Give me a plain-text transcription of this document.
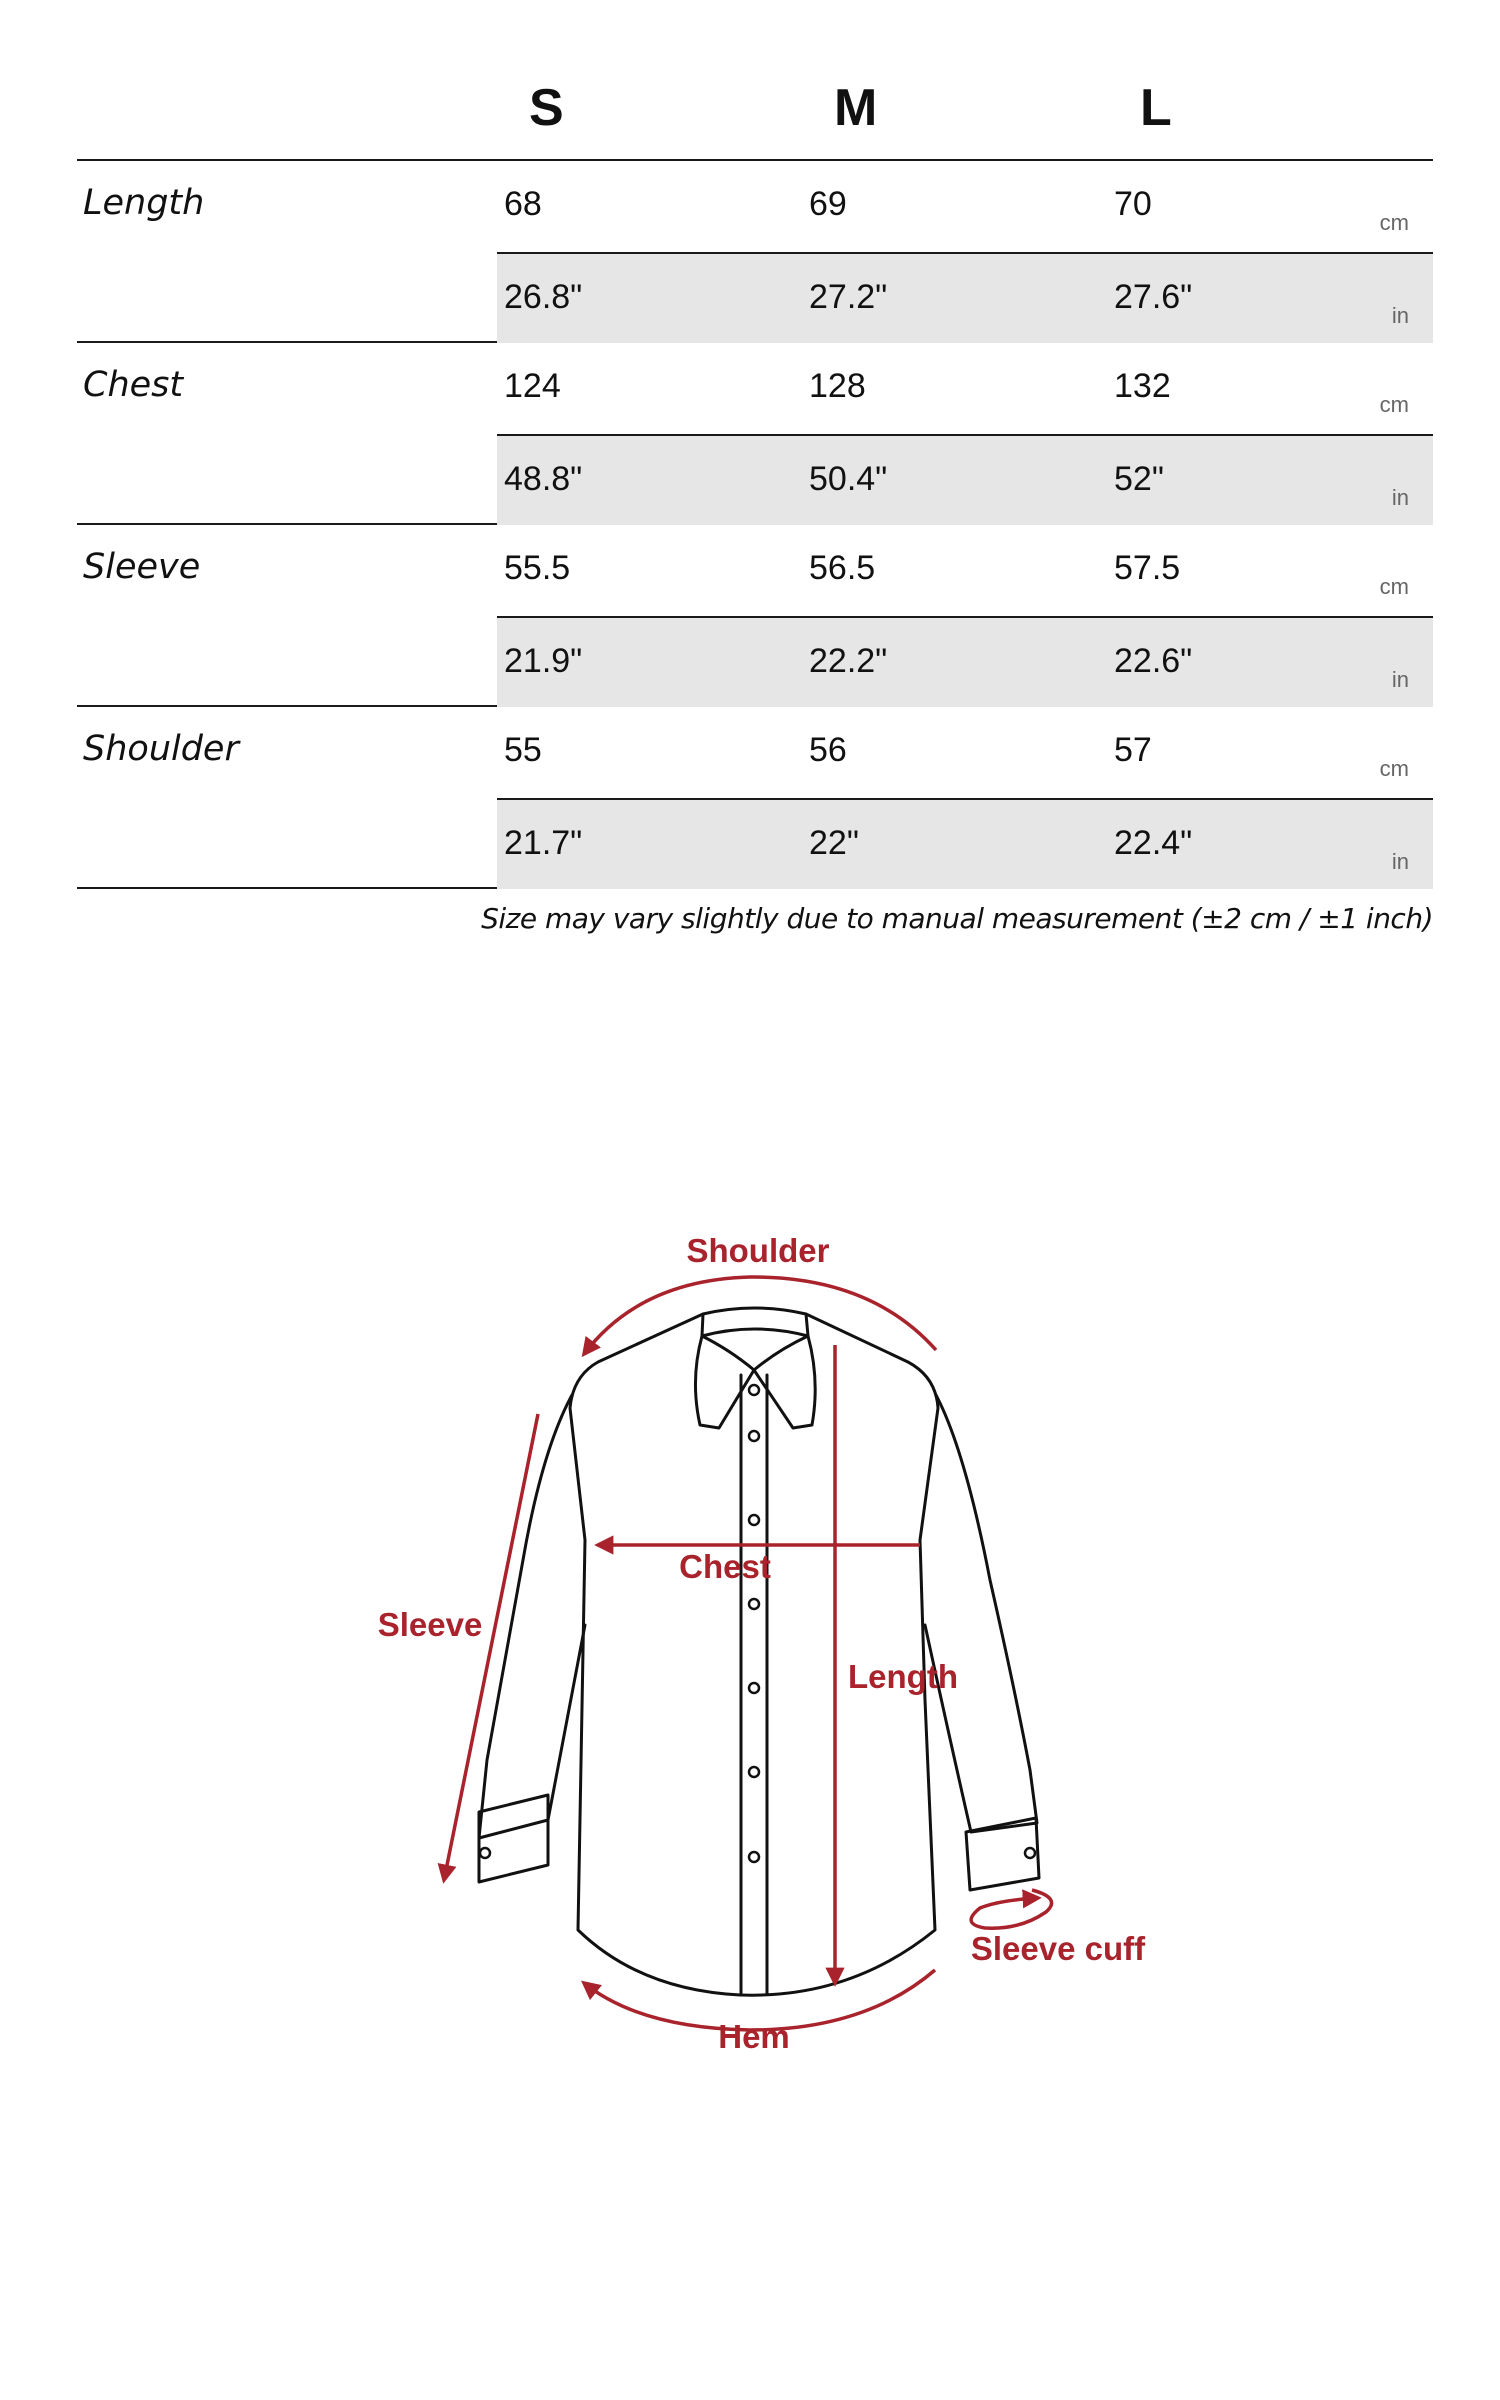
S	M	L
Length	68	69	70	cm
26.8"	27.2"	27.6"	in
Chest	124	128	132	cm
48.8"	50.4"	52"	in
Sleeve	55.5	56.5	57.5	cm
21.9"	22.2"	22.6"	in
Shoulder	55	56	57	cm
21.7"	22"	22.4"	in
Size may vary slightly due to manual measurement (±2 cm / ±1 inch)
Shoulder
Chest
Length
Sleeve
Sleeve cuff
Hem
